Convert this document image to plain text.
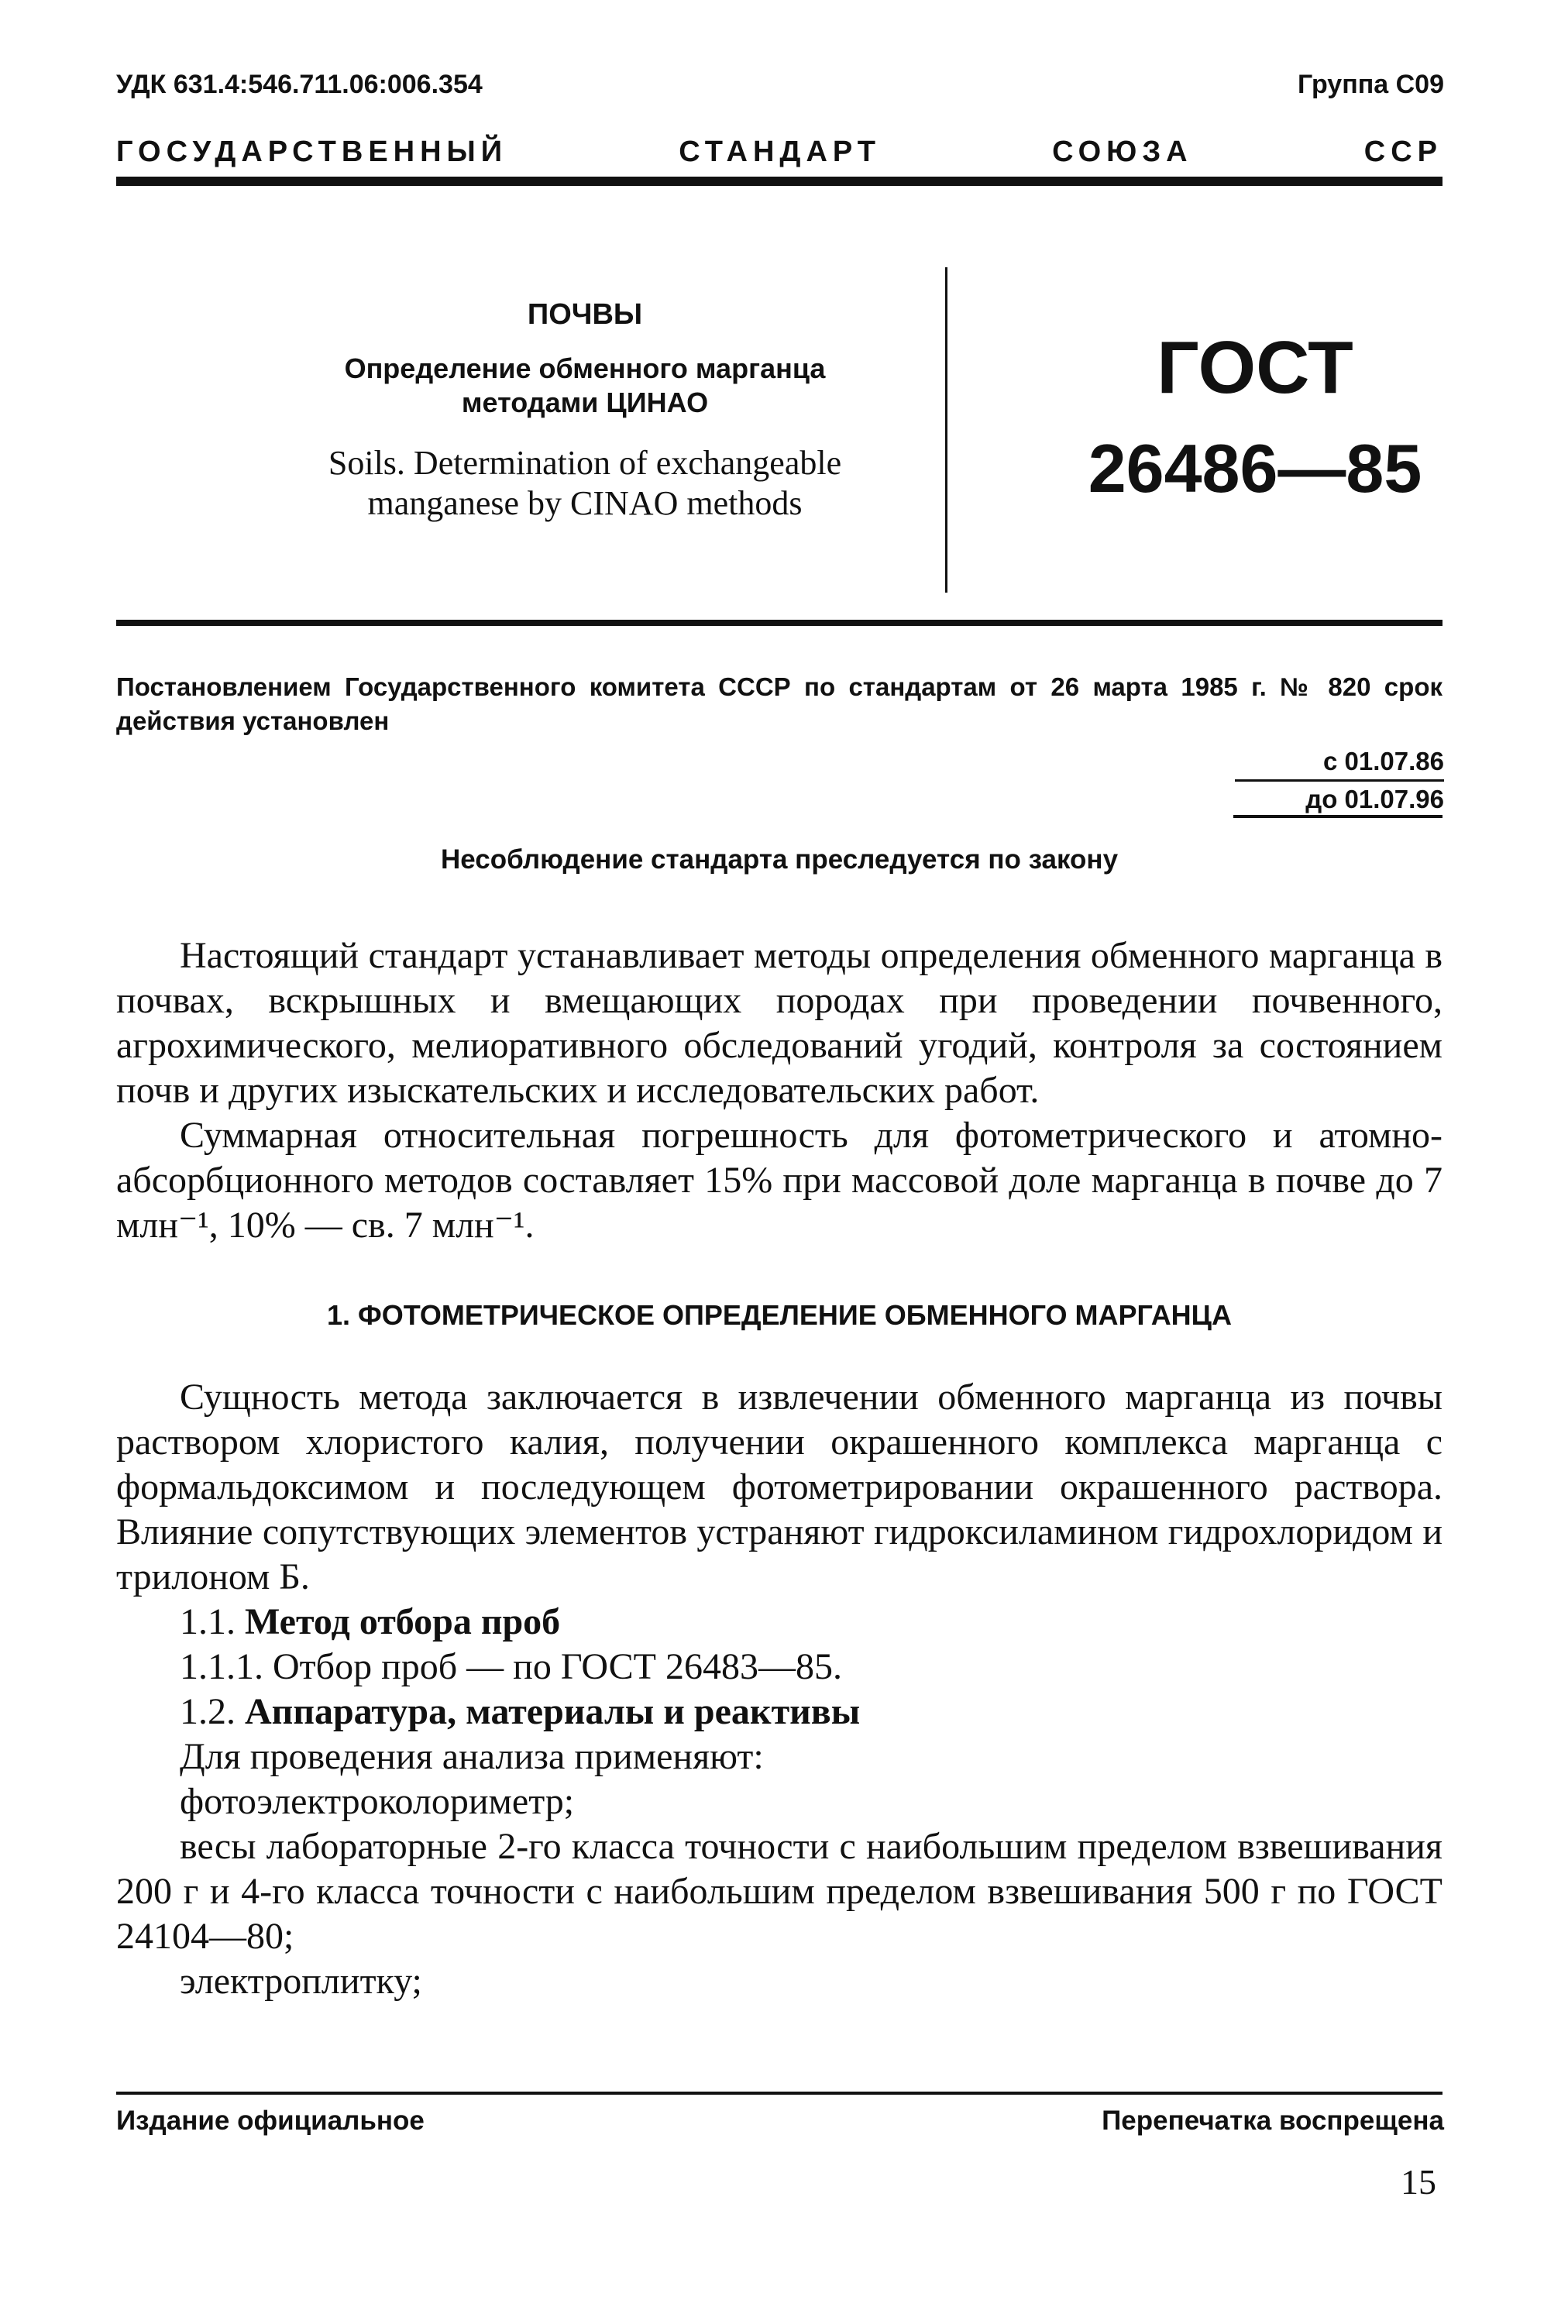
УДК 631.4:546.711.06:006.354	Группа С09
ГОСУДАРСТВЕННЫЙ	СТАНДАРТ	СОЮЗА	ССР
ПОЧВЫ
Определение обменного марганца
методами ЦИНАО
Soils. Determination of exchangeable
manganese by CINAO methods
ГОСТ
26486—85
Постановлением Государственного комитета СССР по стандартам от 26 марта 1985 г. № 820 срок действия установлен
с 01.07.86
до 01.07.96
Несоблюдение стандарта преследуется по закону

Настоящий стандарт устанавливает методы определения обменного марганца в почвах, вскрышных и вмещающих породах при проведении почвенного, агрохимического, мелиоративного обследований угодий, контроля за состоянием почв и других изыскательских и исследовательских работ.

Суммарная относительная погрешность для фотометрического и атомно-абсорбционного методов составляет 15% при массовой доле марганца в почве до 7 млн⁻¹, 10% — св. 7 млн⁻¹.

1. ФОТОМЕТРИЧЕСКОЕ ОПРЕДЕЛЕНИЕ ОБМЕННОГО МАРГАНЦА

Сущность метода заключается в извлечении обменного марганца из почвы раствором хлористого калия, получении окрашенного комплекса марганца с формальдоксимом и последующем фотометрировании окрашенного раствора. Влияние сопутствующих элементов устраняют гидроксиламином гидрохлоридом и трилоном Б.

1.1. Метод отбора проб

1.1.1. Отбор проб — по ГОСТ 26483—85.

1.2. Аппаратура, материалы и реактивы

Для проведения анализа применяют:

фотоэлектроколориметр;

весы лабораторные 2-го класса точности с наибольшим пределом взвешивания 200 г и 4-го класса точности с наибольшим пределом взвешивания 500 г по ГОСТ 24104—80;

электроплитку;

Издание официальное	Перепечатка воспрещена
15
